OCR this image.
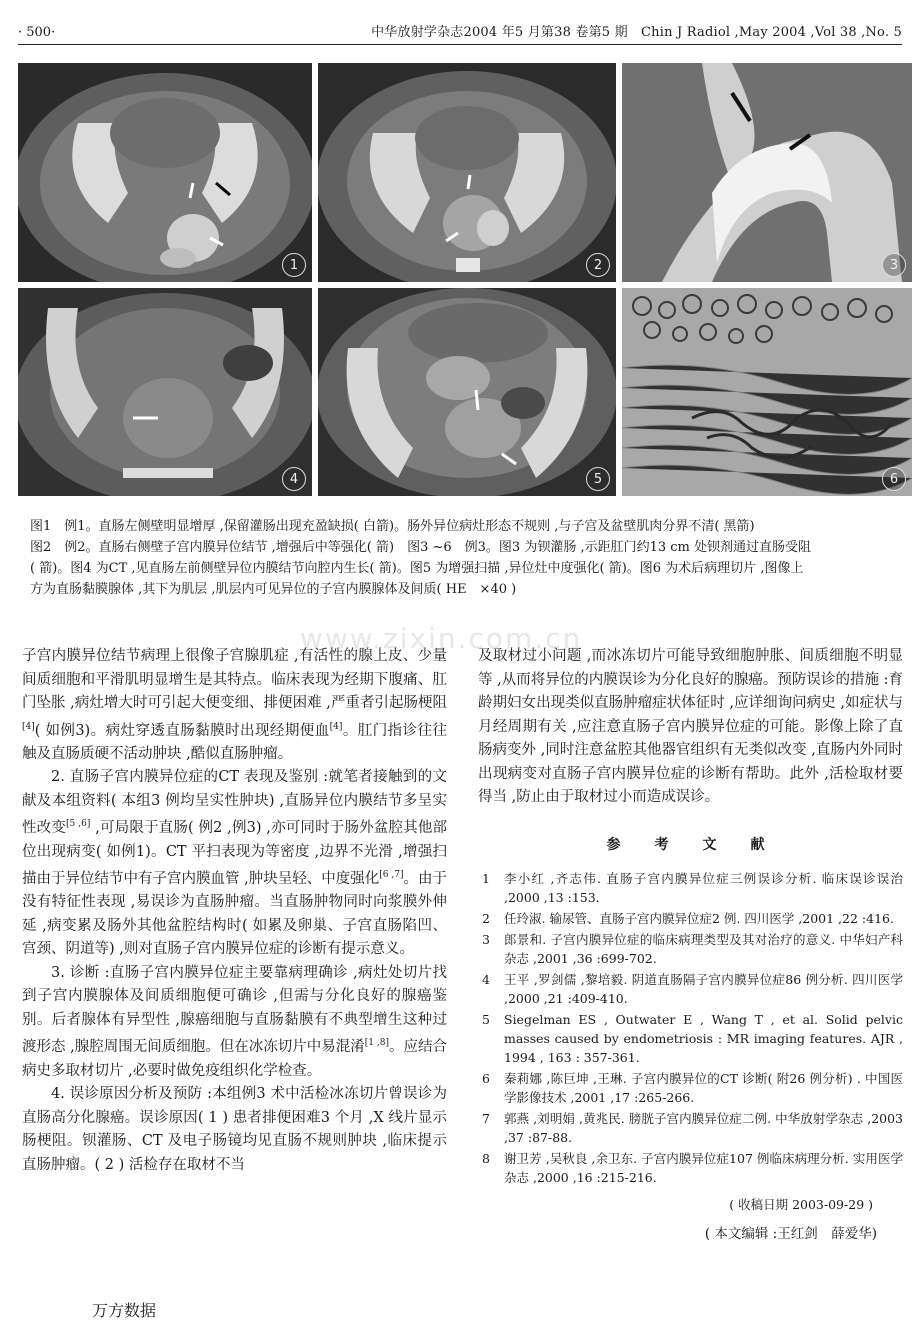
· 500·	中华放射学杂志2004 年5 月第38 卷第5 期　Chin J Radiol ,May 2004 ,Vol 38 ,No. 5
1	2	3
4	5	6

图1　例1。直肠左侧壁明显增厚 ,保留灌肠出现充盈缺损( 白箭)。肠外异位病灶形态不规则 ,与子宫及盆壁肌肉分界不清( 黑箭)

图2　例2。直肠右侧壁子宫内膜异位结节 ,增强后中等强化( 箭)　图3 ~6　例3。图3 为钡灌肠 ,示距肛门约13 cm 处钡剂通过直肠受阻

( 箭)。图4 为CT ,见直肠左前侧壁异位内膜结节向腔内生长( 箭)。图5 为增强扫描 ,异位灶中度强化( 箭)。图6 为术后病理切片 ,图像上

方为直肠黏膜腺体 ,其下为肌层 ,肌层内可见异位的子宫内膜腺体及间质( HE　×40 )

www.zixin.com.cn

子宫内膜异位结节病理上很像子宫腺肌症 ,有活性的腺上皮、少量间质细胞和平滑肌明显增生是其特点。临床表现为经期下腹痛、肛门坠胀 ,病灶增大时可引起大便变细、排便困难 ,严重者引起肠梗阻[4]( 如例3)。病灶穿透直肠黏膜时出现经期便血[4]。肛门指诊往往触及直肠质硬不活动肿块 ,酷似直肠肿瘤。

2. 直肠子宫内膜异位症的CT 表现及鉴别 :就笔者接触到的文献及本组资料( 本组3 例均呈实性肿块) ,直肠异位内膜结节多呈实性改变[5 ,6] ,可局限于直肠( 例2 ,例3) ,亦可同时于肠外盆腔其他部位出现病变( 如例1)。CT 平扫表现为等密度 ,边界不光滑 ,增强扫描由于异位结节中有子宫内膜血管 ,肿块呈轻、中度强化[6 ,7]。由于没有特征性表现 ,易误诊为直肠肿瘤。当直肠肿物同时向浆膜外伸延 ,病变累及肠外其他盆腔结构时( 如累及卵巢、子宫直肠陷凹、宫颈、阴道等) ,则对直肠子宫内膜异位症的诊断有提示意义。

3. 诊断 :直肠子宫内膜异位症主要靠病理确诊 ,病灶处切片找到子宫内膜腺体及间质细胞便可确诊 ,但需与分化良好的腺癌鉴别。后者腺体有异型性 ,腺癌细胞与直肠黏膜有不典型增生这种过渡形态 ,腺腔周围无间质细胞。但在冰冻切片中易混淆[1 ,8]。应结合病史多取材切片 ,必要时做免疫组织化学检查。

4. 误诊原因分析及预防 :本组例3 术中活检冰冻切片曾误诊为直肠高分化腺癌。误诊原因( 1 ) 患者排便困难3 个月 ,X 线片显示肠梗阻。钡灌肠、CT 及电子肠镜均见直肠不规则肿块 ,临床提示直肠肿瘤。( 2 ) 活检存在取材不当

及取材过小问题 ,而冰冻切片可能导致细胞肿胀、间质细胞不明显等 ,从而将异位的内膜误诊为分化良好的腺癌。预防误诊的措施 :育龄期妇女出现类似直肠肿瘤症状体征时 ,应详细询问病史 ,如症状与月经周期有关 ,应注意直肠子宫内膜异位症的可能。影像上除了直肠病变外 ,同时注意盆腔其他器官组织有无类似改变 ,直肠内外同时出现病变对直肠子宫内膜异位症的诊断有帮助。此外 ,活检取材要得当 ,防止由于取材过小而造成误诊。

参　考　文　献
1	李小红 ,齐志伟. 直肠子宫内膜异位症三例误诊分析. 临床误诊误治 ,2000 ,13 :153.
2	任玲淑. 输尿管、直肠子宫内膜异位症2 例. 四川医学 ,2001 ,22 :416.
3	郎景和. 子宫内膜异位症的临床病理类型及其对治疗的意义. 中华妇产科杂志 ,2001 ,36 :699-702.
4	王平 ,罗剑儒 ,黎培毅. 阴道直肠隔子宫内膜异位症86 例分析. 四川医学 ,2000 ,21 :409-410.
5	Siegelman ES , Outwater E , Wang T , et al. Solid pelvic masses caused by endometriosis : MR imaging features. AJR , 1994 , 163 : 357-361.
6	秦莉娜 ,陈巨坤 ,王琳. 子宫内膜异位的CT 诊断( 附26 例分析) . 中国医学影像技术 ,2001 ,17 :265-266.
7	郭燕 ,刘明娟 ,黄兆民. 膀胱子宫内膜异位症二例. 中华放射学杂志 ,2003 ,37 :87-88.
8	谢卫芳 ,吴秋良 ,余卫东. 子宫内膜异位症107 例临床病理分析. 实用医学杂志 ,2000 ,16 :215-216.
( 收稿日期 2003-09-29 )
( 本文编辑 :王红剑　薛爱华)
万方数据
